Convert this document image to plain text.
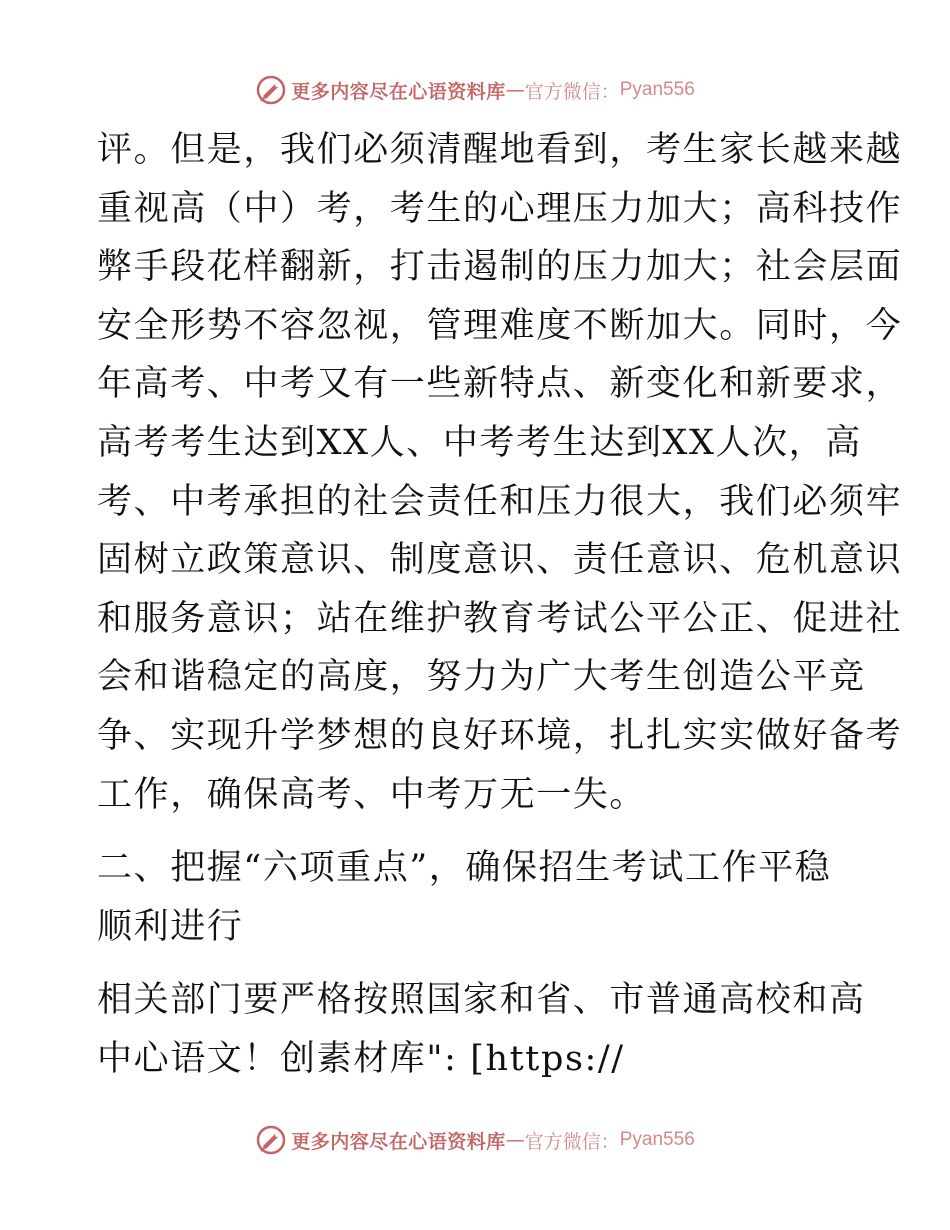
更多内容尽在心语资料库 — 官方微信： Pyan556

评。但是，我们必须清醒地看到，考生家长越来越
重视高（中）考，考生的心理压力加大；高科技作
弊手段花样翻新，打击遏制的压力加大；社会层面
安全形势不容忽视，管理难度不断加大。同时，今
年高考、中考又有一些新特点、新变化和新要求，
高考考生达到XX人、中考考生达到XX人次，高
考、中考承担的社会责任和压力很大，我们必须牢
固树立政策意识、制度意识、责任意识、危机意识
和服务意识；站在维护教育考试公平公正、促进社
会和谐稳定的高度，努力为广大考生创造公平竞
争、实现升学梦想的良好环境，扎扎实实做好备考
工作，确保高考、中考万无一失。

二、把握“六项重点”，确保招生考试工作平稳
顺利进行

相关部门要严格按照国家和省、市普通高校和高
中心语文！创素材库": [https://

更多内容尽在心语资料库 — 官方微信： Pyan556
